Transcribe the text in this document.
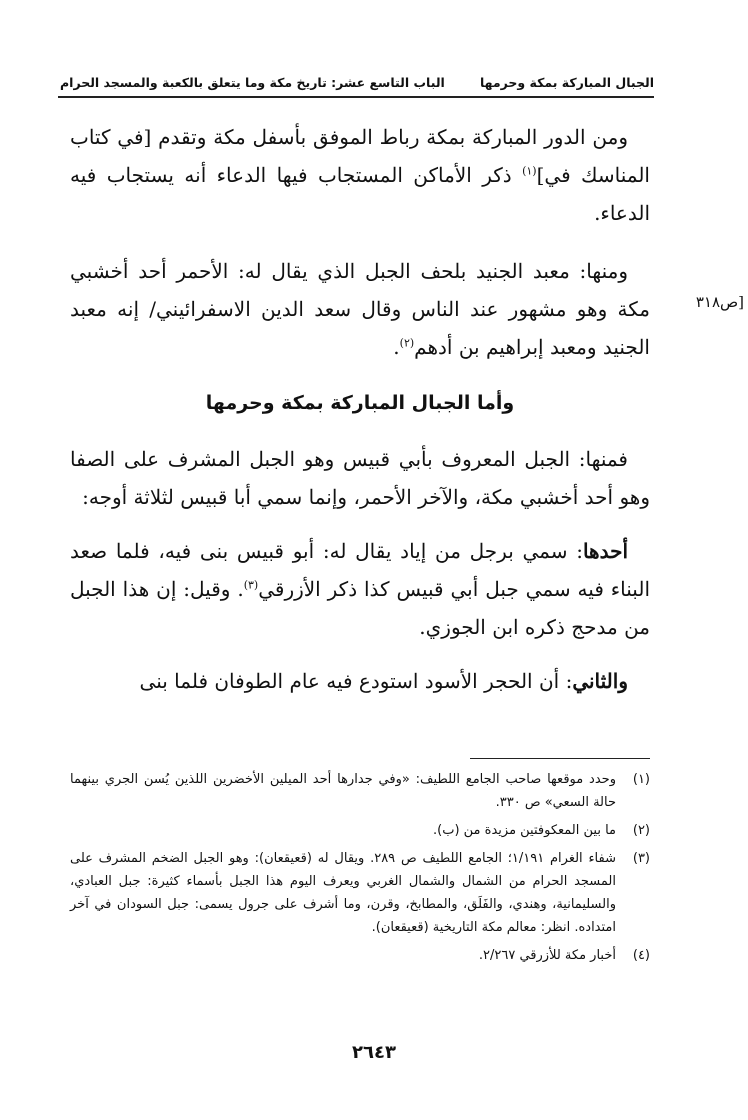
الجبال المباركة بمكة وحرمها
الباب التاسع عشر: تاريخ مكة وما يتعلق بالكعبة والمسجد الحرام
[ص٣١٨

ومن الدور المباركة بمكة رباط الموفق بأسفل مكة وتقدم [في كتاب المناسك في]$^{(١)}$ ذكر الأماكن المستجاب فيها الدعاء أنه يستجاب فيه الدعاء.

ومنها: معبد الجنيد بلحف الجبل الذي يقال له: الأحمر أحد أخشبي مكة وهو مشهور عند الناس وقال سعد الدين الاسفرائيني/ إنه معبد الجنيد ومعبد إبراهيم بن أدهم$^{(٢)}$.

وأما الجبال المباركة بمكة وحرمها

فمنها: الجبل المعروف بأبي قبيس وهو الجبل المشرف على الصفا وهو أحد أخشبي مكة، والآخر الأحمر، وإنما سمي أبا قبيس لثلاثة أوجه:

أحدها: سمي برجل من إياد يقال له: أبو قبيس بنى فيه، فلما صعد البناء فيه سمي جبل أبي قبيس كذا ذكر الأزرقي$^{(٣)}$. وقيل: إن هذا الجبل من مدحج ذكره ابن الجوزي.

والثاني: أن الحجر الأسود استودع فيه عام الطوفان فلما بنى

(١)
وحدد موقعها صاحب الجامع اللطيف: «وفي جدارها أحد الميلين الأخضرين اللذين يُسن الجري بينهما حالة السعي» ص ٣٣٠.
(٢)
ما بين المعكوفتين مزيدة من (ب).
(٣)
شفاء الغرام ١/١٩١؛ الجامع اللطيف ص ٢٨٩. ويقال له (قعيقعان): وهو الجبل الضخم المشرف على المسجد الحرام من الشمال والشمال الغربي ويعرف اليوم هذا الجبل بأسماء كثيرة: جبل العبادي، والسليمانية، وهندي، والفَلَق، والمطابخ، وقرن، وما أشرف على جرول يسمى: جبل السودان في آخر امتداده. انظر: معالم مكة التاريخية (قعيقعان).
(٤)
أخبار مكة للأزرقي ٢/٢٦٧.
٢٦٤٣
